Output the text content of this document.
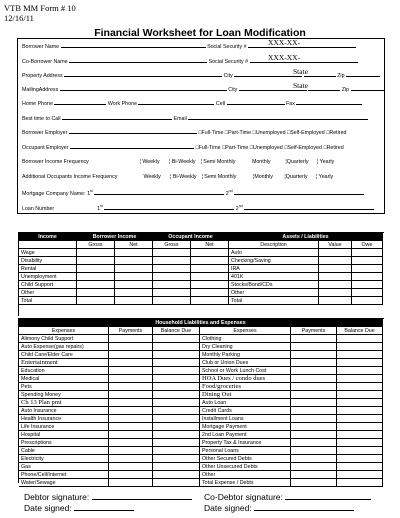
VTB MM Form # 10
12/16/11
Financial Worksheet for Loan Modification
Borrower Name	Social Security #	XXX-XX-
Co-Borrower Name	Social Security #	XXX-XX-
Property Address	City	Zip
State
MailingAddress	City	Zip
State
Home Phone	Work Phone	Cell	Fax
Best time to Call	Email
Borrower Employer	□Full-Time □Part-Time □Unemployed □Self-Employed □Retired
Occupant Employer	□Full-Time □Part-Time □Unemployed □Self-Employed □Retired
Borrower Income Frequency	¦ Weekly ¦ Bi-Weekly ¦ Semi Monthly	Monthly	¦Quarterly ¦ Yearly
Additional Occupants Income Frequency	Weekly ¦ Bi-Weekly ¦ Semi Monthly	¦Monthly ¦Quarterly ¦ Yearly
Mortgage Company Name: 1st	2nd
Loan Number	1st	2nd
Income	Borrower Income	Occupant Income	Assets / Liabilities
Gross	Net	Gross	Net	Description	Value	Owe
Wage	Auto
Disability	Checking/Saving
Rental	IRA
Unemployment	401K
Child Support	Stocks/Bond/CDs
Other	Other
Total	Total
Household Liabilities and Expenses
Expenses	Payments	Balance Due	Expenses	Payments	Balance Due
Alimony Child Support	Clothing
Auto Expense(gas repairs)	Dry Cleaning
Child Care/Elder Care	Monthly Parking
Entertainment	Club or Union Dues
Education	School or Work Lunch Cost
Medical	HOA Dues / condo dues
Pets	Food/groceries
Spending Money	Dining Out
Ch 13 Plan pmt	Auto Loan
Auto Insurance	Credit Cards
Health Insurance	Installment Loans
Life Insurance	Mortgage Payment
Hospital	2nd Loan Payment
Prescriptions	Property Tax & Insurance
Cable	Personal Loans
Electricity	Other Secured Debts
Gas	Other Unsecured Debts
Phone/Cell/Internet	Other
Water/Sewage	Total Expense / Debts
Debtor signature:
Date signed:
Co-Debtor signature:
Date signed:
